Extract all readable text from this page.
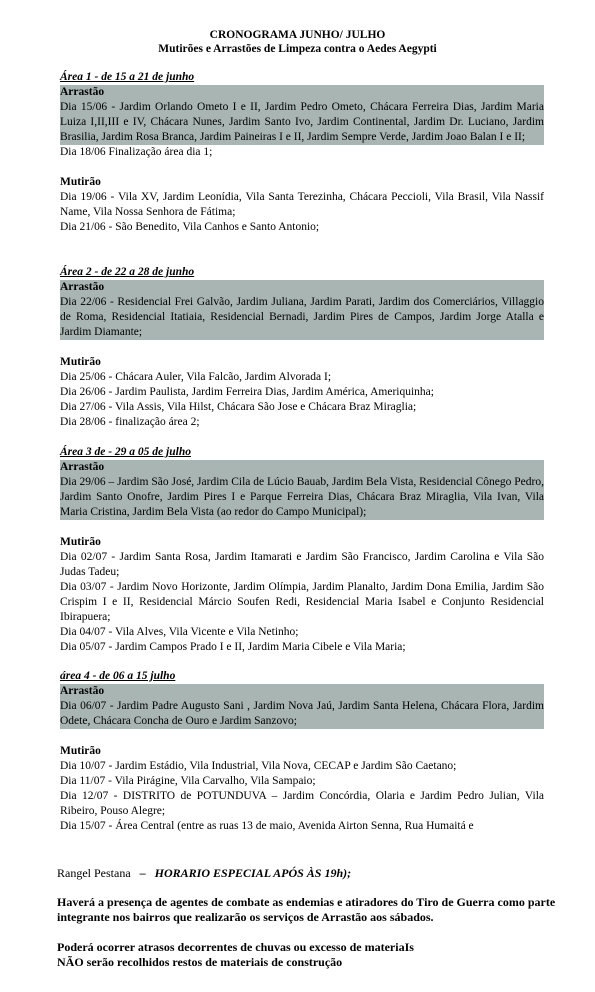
CRONOGRAMA JUNHO/ JULHO
Mutirões e Arrastões de Limpeza contra o Aedes Aegypti
Área 1 - de 15 a 21 de junho
Arrastão

Dia 15/06 - Jardim Orlando Ometo I e II, Jardim Pedro Ometo, Chácara Ferreira Dias, Jardim Maria Luiza I,II,III e IV, Chácara Nunes, Jardim Santo Ivo, Jardim Continental, Jardim Dr. Luciano, Jardim Brasilia, Jardim Rosa Branca, Jardim Paineiras I e II, Jardim Sempre Verde, Jardim Joao Balan I e II;

Dia 18/06 Finalização área dia 1;
Mutirão

Dia 19/06 - Vila XV, Jardim Leonídia, Vila Santa Terezinha, Chácara Peccioli, Vila Brasil, Vila Nassif Name, Vila Nossa Senhora de Fátima;

Dia 21/06 - São Benedito, Vila Canhos e Santo Antonio;

Área 2 - de 22 a 28 de junho
Arrastão

Dia 22/06 - Residencial Frei Galvão, Jardim Juliana, Jardim Parati, Jardim dos Comerciários, Villaggio de Roma, Residencial Itatiaia, Residencial Bernadi, Jardim Pires de Campos, Jardim Jorge Atalla e Jardim Diamante;

Mutirão

Dia 25/06 - Chácara Auler, Vila Falcão, Jardim Alvorada I;

Dia 26/06 - Jardim Paulista, Jardim Ferreira Dias, Jardim América, Ameriquinha;

Dia 27/06 - Vila Assis, Vila Hilst, Chácara São Jose e Chácara Braz Miraglia;

Dia 28/06 - finalização área 2;

Área 3 de - 29 a 05 de julho
Arrastão

Dia 29/06 – Jardim São José, Jardim Cila de Lúcio Bauab, Jardim Bela Vista, Residencial Cônego Pedro, Jardim Santo Onofre, Jardim Pires I e Parque Ferreira Dias, Chácara Braz Miraglia, Vila Ivan, Vila Maria Cristina, Jardim Bela Vista (ao redor do Campo Municipal);

Mutirão

Dia 02/07 - Jardim Santa Rosa, Jardim Itamarati e Jardim São Francisco, Jardim Carolina e Vila São Judas Tadeu;

Dia 03/07 - Jardim Novo Horizonte, Jardim Olímpia, Jardim Planalto, Jardim Dona Emilia, Jardim São Crispim I e II, Residencial Márcio Soufen Redi, Residencial Maria Isabel e Conjunto Residencial Ibirapuera;

Dia 04/07 - Vila Alves, Vila Vicente e Vila Netinho;

Dia 05/07 - Jardim Campos Prado I e II, Jardim Maria Cibele e Vila Maria;

área 4 - de 06 a 15 julho
Arrastão

Dia 06/07 - Jardim Padre Augusto Sani , Jardim Nova Jaú, Jardim Santa Helena, Chácara Flora, Jardim Odete, Chácara Concha de Ouro e Jardim Sanzovo;

Mutirão

Dia 10/07 - Jardim Estádio, Vila Industrial, Vila Nova, CECAP e Jardim São Caetano;

Dia 11/07 - Vila Pirágine, Vila Carvalho, Vila Sampaio;

Dia 12/07 - DISTRITO de POTUNDUVA – Jardim Concórdia, Olaria e Jardim Pedro Julian, Vila Ribeiro, Pouso Alegre;

Dia 15/07 - Área Central (entre as ruas 13 de maio, Avenida Airton Senna, Rua Humaitá e

Rangel Pestana – HORARIO ESPECIAL APÓS ÀS 19h);
Haverá a presença de agentes de combate as endemias e atiradores do Tiro de Guerra como parte integrante nos bairros que realizarão os serviços de Arrastão aos sábados.
Poderá ocorrer atrasos decorrentes de chuvas ou excesso de materiaIs
NÃO serão recolhidos restos de materiais de construção
